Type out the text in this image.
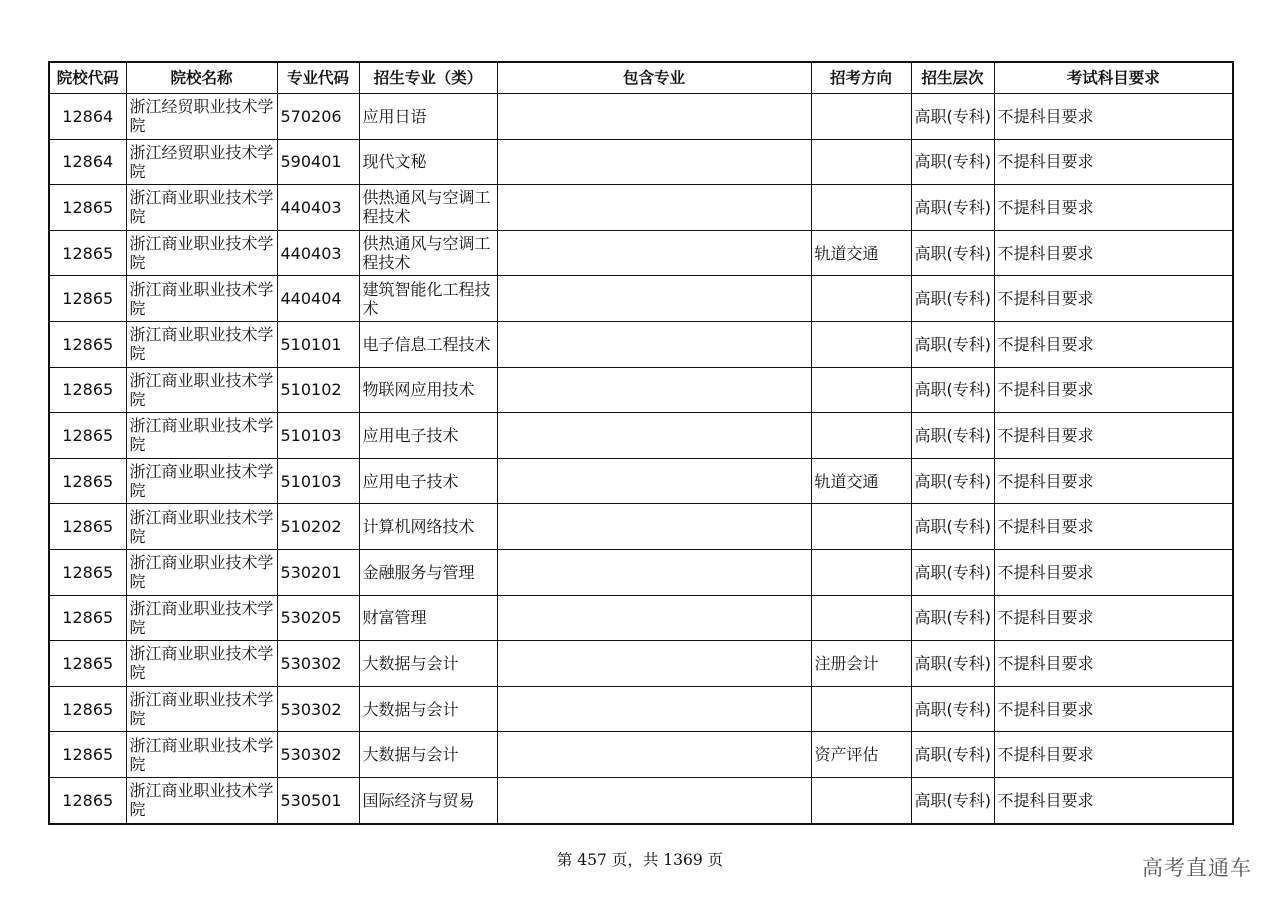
院校代码	院校名称	专业代码	招生专业（类）	包含专业	招考方向	招生层次	考试科目要求
12864	浙江经贸职业技术学院	570206	应用日语			高职(专科)	不提科目要求
12864	浙江经贸职业技术学院	590401	现代文秘			高职(专科)	不提科目要求
12865	浙江商业职业技术学院	440403	供热通风与空调工程技术			高职(专科)	不提科目要求
12865	浙江商业职业技术学院	440403	供热通风与空调工程技术		轨道交通	高职(专科)	不提科目要求
12865	浙江商业职业技术学院	440404	建筑智能化工程技术			高职(专科)	不提科目要求
12865	浙江商业职业技术学院	510101	电子信息工程技术			高职(专科)	不提科目要求
12865	浙江商业职业技术学院	510102	物联网应用技术			高职(专科)	不提科目要求
12865	浙江商业职业技术学院	510103	应用电子技术			高职(专科)	不提科目要求
12865	浙江商业职业技术学院	510103	应用电子技术		轨道交通	高职(专科)	不提科目要求
12865	浙江商业职业技术学院	510202	计算机网络技术			高职(专科)	不提科目要求
12865	浙江商业职业技术学院	530201	金融服务与管理			高职(专科)	不提科目要求
12865	浙江商业职业技术学院	530205	财富管理			高职(专科)	不提科目要求
12865	浙江商业职业技术学院	530302	大数据与会计		注册会计	高职(专科)	不提科目要求
12865	浙江商业职业技术学院	530302	大数据与会计			高职(专科)	不提科目要求
12865	浙江商业职业技术学院	530302	大数据与会计		资产评估	高职(专科)	不提科目要求
12865	浙江商业职业技术学院	530501	国际经济与贸易			高职(专科)	不提科目要求
第 457 页，共 1369 页	高考直通车
